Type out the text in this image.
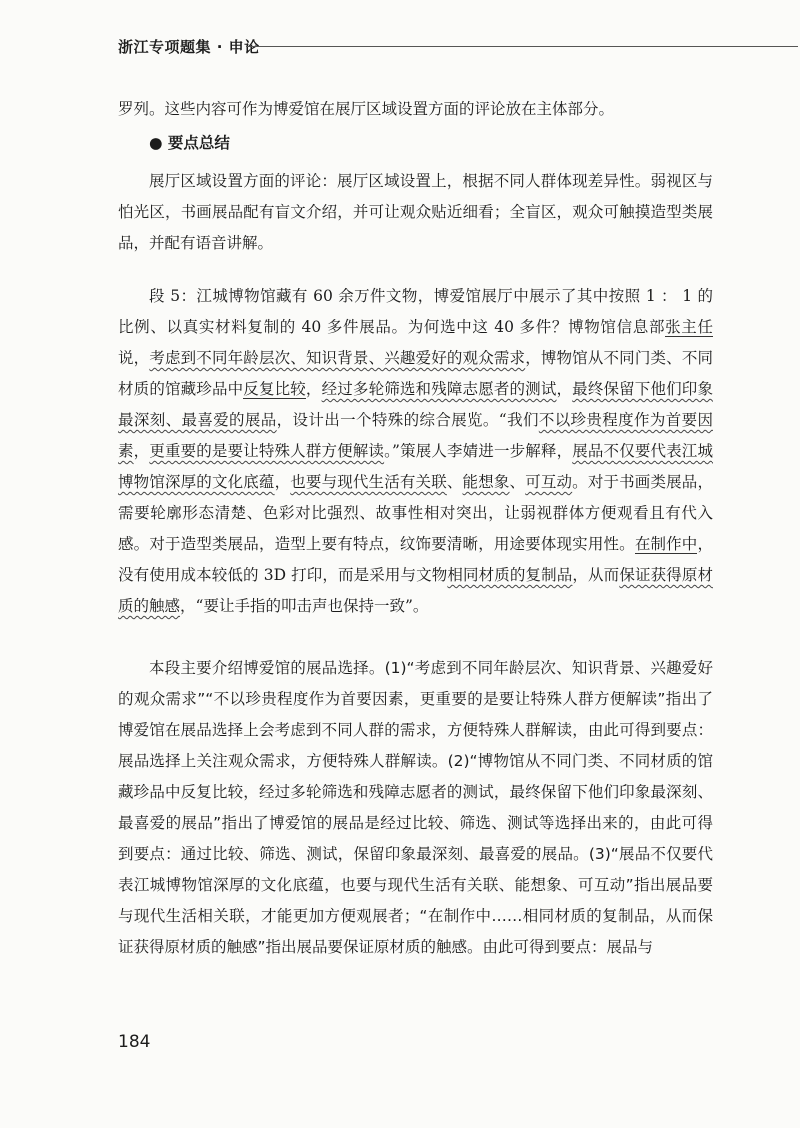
浙江专项题集 · 申论
罗列。这些内容可作为博爱馆在展厅区域设置方面的评论放在主体部分。
● 要点总结
展厅区域设置方面的评论：展厅区域设置上，根据不同人群体现差异性。弱视区与怕光区，书画展品配有盲文介绍，并可让观众贴近细看；全盲区，观众可触摸造型类展品，并配有语音讲解。
段 5：江城博物馆藏有 60 余万件文物，博爱馆展厅中展示了其中按照 1 ： 1 的比例、以真实材料复制的 40 多件展品。为何选中这 40 多件？博物馆信息部张主任说，考虑到不同年龄层次、知识背景、兴趣爱好的观众需求，博物馆从不同门类、不同材质的馆藏珍品中反复比较，经过多轮筛选和残障志愿者的测试，最终保留下他们印象最深刻、最喜爱的展品，设计出一个特殊的综合展览。“我们不以珍贵程度作为首要因素，更重要的是要让特殊人群方便解读。”策展人李婧进一步解释，展品不仅要代表江城博物馆深厚的文化底蕴，也要与现代生活有关联、能想象、可互动。对于书画类展品，需要轮廓形态清楚、色彩对比强烈、故事性相对突出，让弱视群体方便观看且有代入感。对于造型类展品，造型上要有特点，纹饰要清晰，用途要体现实用性。在制作中，没有使用成本较低的 3D 打印，而是采用与文物相同材质的复制品，从而保证获得原材质的触感，“要让手指的叩击声也保持一致”。
本段主要介绍博爱馆的展品选择。(1)“考虑到不同年龄层次、知识背景、兴趣爱好的观众需求”“不以珍贵程度作为首要因素，更重要的是要让特殊人群方便解读”指出了博爱馆在展品选择上会考虑到不同人群的需求，方便特殊人群解读，由此可得到要点：展品选择上关注观众需求，方便特殊人群解读。(2)“博物馆从不同门类、不同材质的馆藏珍品中反复比较，经过多轮筛选和残障志愿者的测试，最终保留下他们印象最深刻、最喜爱的展品”指出了博爱馆的展品是经过比较、筛选、测试等选择出来的，由此可得到要点：通过比较、筛选、测试，保留印象最深刻、最喜爱的展品。(3)“展品不仅要代表江城博物馆深厚的文化底蕴，也要与现代生活有关联、能想象、可互动”指出展品要与现代生活相关联，才能更加方便观展者；“在制作中……相同材质的复制品，从而保证获得原材质的触感”指出展品要保证原材质的触感。由此可得到要点：展品与
184
